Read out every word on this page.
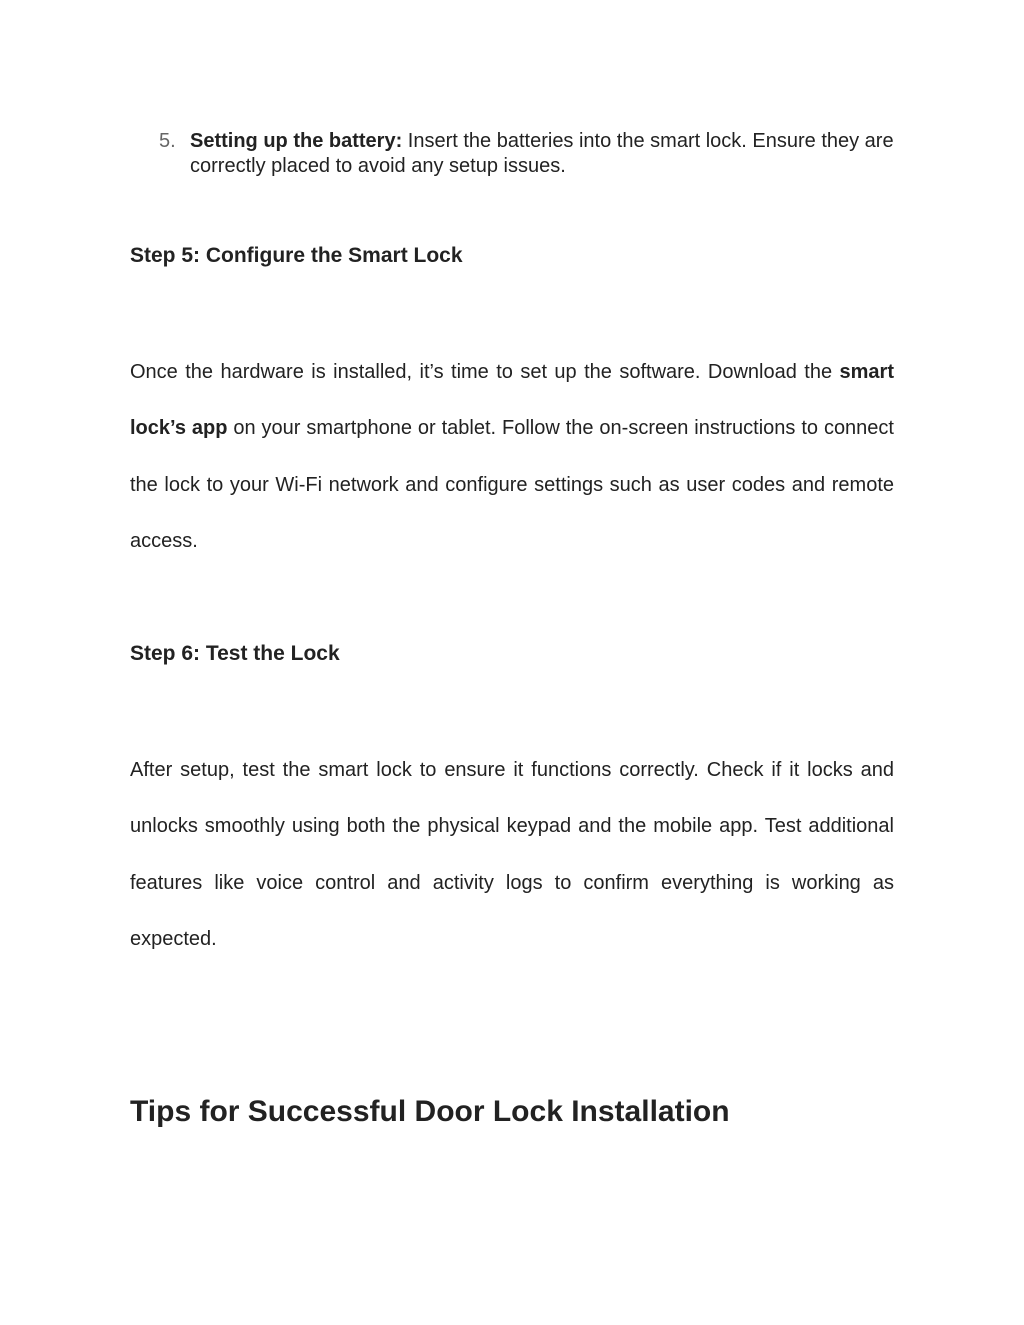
5. Setting up the battery: Insert the batteries into the smart lock. Ensure they are correctly placed to avoid any setup issues.
Step 5: Configure the Smart Lock

Once the hardware is installed, it’s time to set up the software. Download the smart lock’s app on your smartphone or tablet. Follow the on-screen instructions to connect the lock to your Wi-Fi network and configure settings such as user codes and remote access.

Step 6: Test the Lock

After setup, test the smart lock to ensure it functions correctly. Check if it locks and unlocks smoothly using both the physical keypad and the mobile app. Test additional features like voice control and activity logs to confirm everything is working as expected.

Tips for Successful Door Lock Installation
